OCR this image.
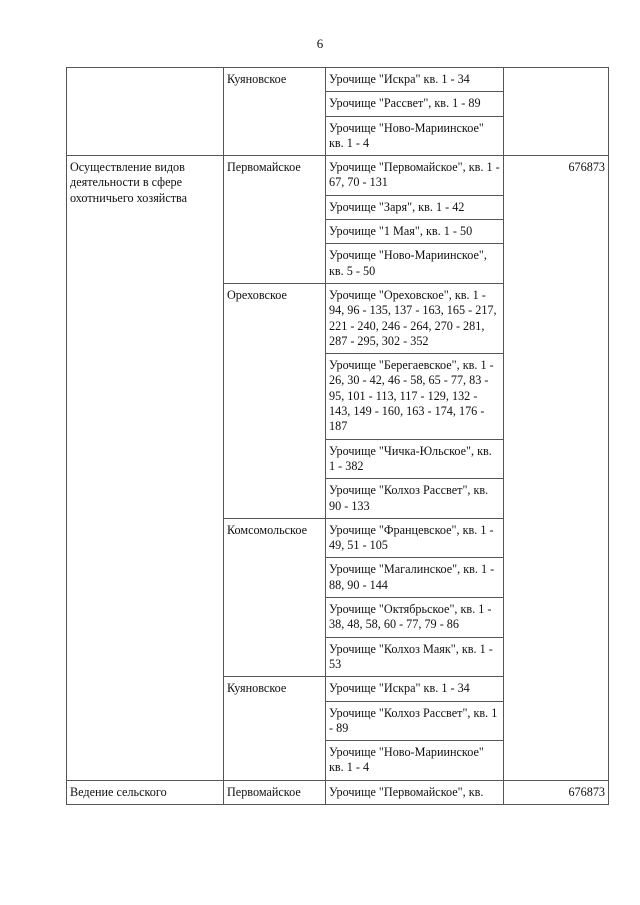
6
	Куяновское	Урочище "Искра" кв. 1 - 34	
		Урочище "Рассвет", кв. 1 - 89	
		Урочище "Ново-Мариинское" кв. 1 - 4	
Осуществление видов деятельности в сфере охотничьего хозяйства	Первомайское	Урочище "Первомайское", кв. 1 - 67, 70 - 131	676873
		Урочище "Заря", кв. 1 - 42	
		Урочище "1 Мая", кв. 1 - 50	
		Урочище "Ново-Мариинское", кв. 5 - 50	
	Ореховское	Урочище "Ореховское", кв. 1 - 94, 96 - 135, 137 - 163, 165 - 217, 221 - 240, 246 - 264, 270 - 281, 287 - 295, 302 - 352	
		Урочище "Берегаевское", кв. 1 - 26, 30 - 42, 46 - 58, 65 - 77, 83 - 95, 101 - 113, 117 - 129, 132 - 143, 149 - 160, 163 - 174, 176 - 187	
		Урочище "Чичка-Юльское", кв. 1 - 382	
		Урочище "Колхоз Рассвет", кв. 90 - 133	
	Комсомольское	Урочище "Францевское", кв. 1 - 49, 51 - 105	
		Урочище "Магалинское", кв. 1 - 88, 90 - 144	
		Урочище "Октябрьское", кв. 1 - 38, 48, 58, 60 - 77, 79 - 86	
		Урочище "Колхоз Маяк", кв. 1 - 53	
	Куяновское	Урочище "Искра" кв. 1 - 34	
		Урочище "Колхоз Рассвет", кв. 1 - 89	
		Урочище "Ново-Мариинское" кв. 1 - 4	
Ведение сельского	Первомайское	Урочище "Первомайское", кв.	676873
